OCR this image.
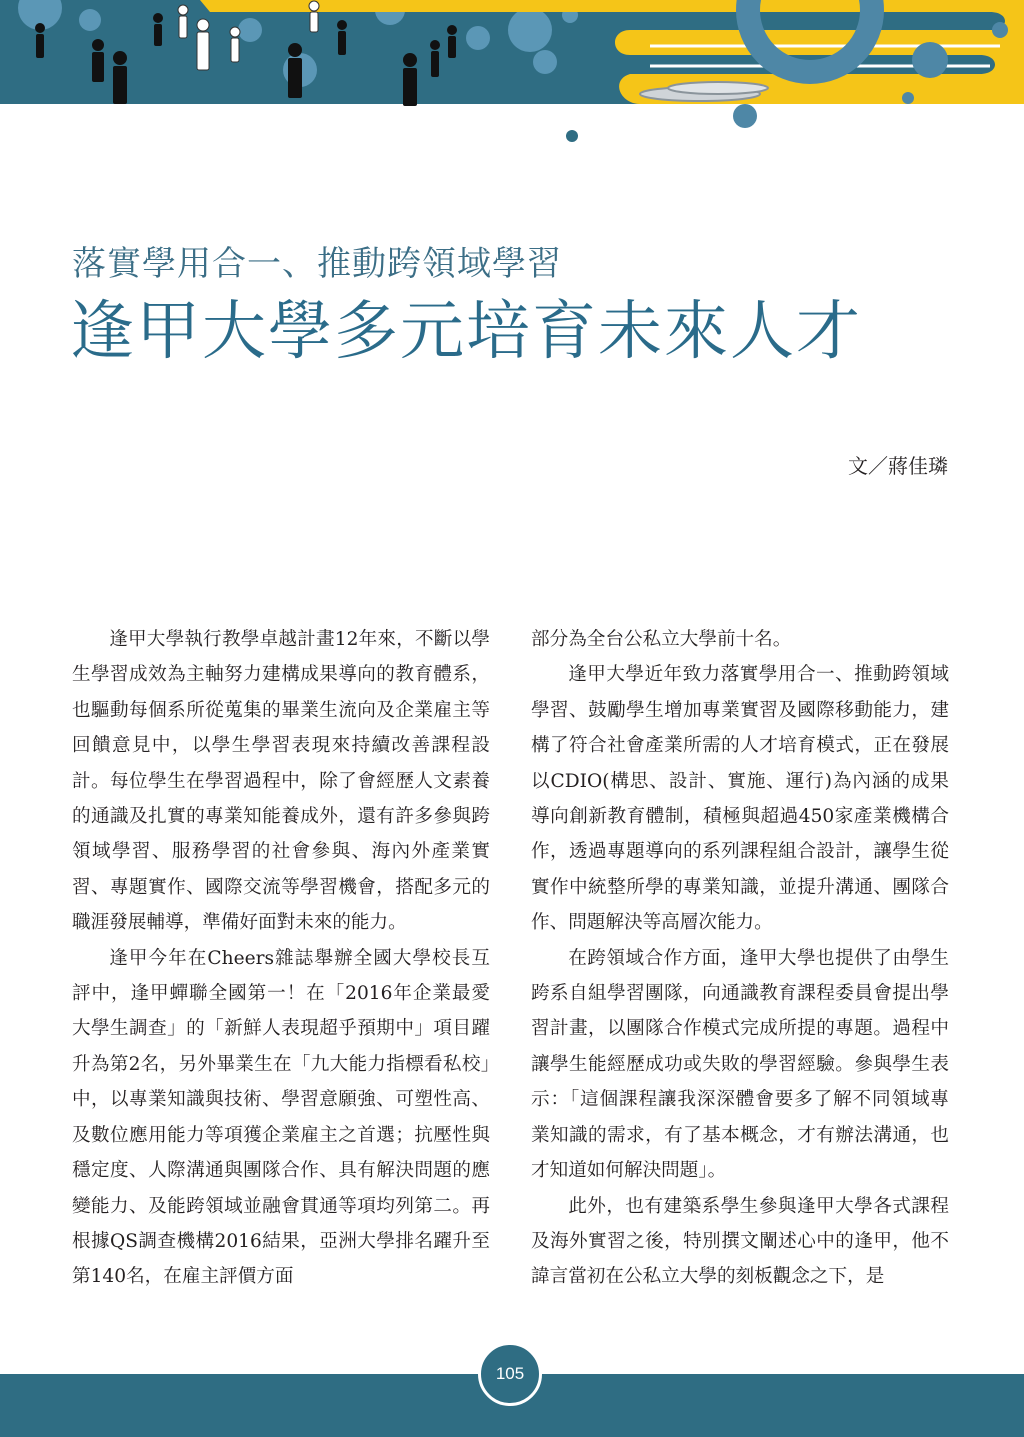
落實學用合一、推動跨領域學習
逢甲大學多元培育未來人才
文／蔣佳璘

逢甲大學執行教學卓越計畫12年來，不斷以學生學習成效為主軸努力建構成果導向的教育體系，也驅動每個系所從蒐集的畢業生流向及企業雇主等回饋意見中，以學生學習表現來持續改善課程設計。每位學生在學習過程中，除了會經歷人文素養的通識及扎實的專業知能養成外，還有許多參與跨領域學習、服務學習的社會參與、海內外產業實習、專題實作、國際交流等學習機會，搭配多元的職涯發展輔導，準備好面對未來的能力。

逢甲今年在Cheers雜誌舉辦全國大學校長互評中，逢甲蟬聯全國第一！在「2016年企業最愛大學生調查」的「新鮮人表現超乎預期中」項目躍升為第2名，另外畢業生在「九大能力指標看私校」中，以專業知識與技術、學習意願強、可塑性高、及數位應用能力等項獲企業雇主之首選；抗壓性與穩定度、人際溝通與團隊合作、具有解決問題的應變能力、及能跨領域並融會貫通等項均列第二。再根據QS調查機構2016結果，亞洲大學排名躍升至第140名，在雇主評價方面

部分為全台公私立大學前十名。

逢甲大學近年致力落實學用合一、推動跨領域學習、鼓勵學生增加專業實習及國際移動能力，建構了符合社會產業所需的人才培育模式，正在發展以CDIO(構思、設計、實施、運行)為內涵的成果導向創新教育體制，積極與超過450家產業機構合作，透過專題導向的系列課程組合設計，讓學生從實作中統整所學的專業知識，並提升溝通、團隊合作、問題解決等高層次能力。

在跨領域合作方面，逢甲大學也提供了由學生跨系自組學習團隊，向通識教育課程委員會提出學習計畫，以團隊合作模式完成所提的專題。過程中讓學生能經歷成功或失敗的學習經驗。參與學生表示：「這個課程讓我深深體會要多了解不同領域專業知識的需求，有了基本概念，才有辦法溝通，也才知道如何解決問題」。

此外，也有建築系學生參與逢甲大學各式課程及海外實習之後，特別撰文闡述心中的逢甲，他不諱言當初在公私立大學的刻板觀念之下，是

105
